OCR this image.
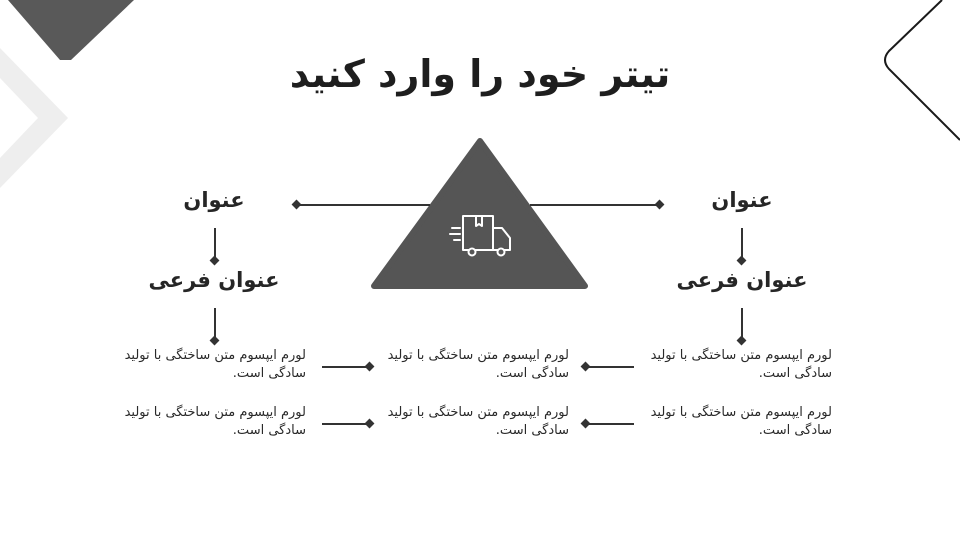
تیتر خود را وارد کنید
عنوان
عنوان فرعی
عنوان
عنوان فرعی
لورم ایپسوم متن ساختگی با تولید سادگی است.
لورم ایپسوم متن ساختگی با تولید سادگی است.
لورم ایپسوم متن ساختگی با تولید سادگی است.
لورم ایپسوم متن ساختگی با تولید سادگی است.
لورم ایپسوم متن ساختگی با تولید سادگی است.
لورم ایپسوم متن ساختگی با تولید سادگی است.
